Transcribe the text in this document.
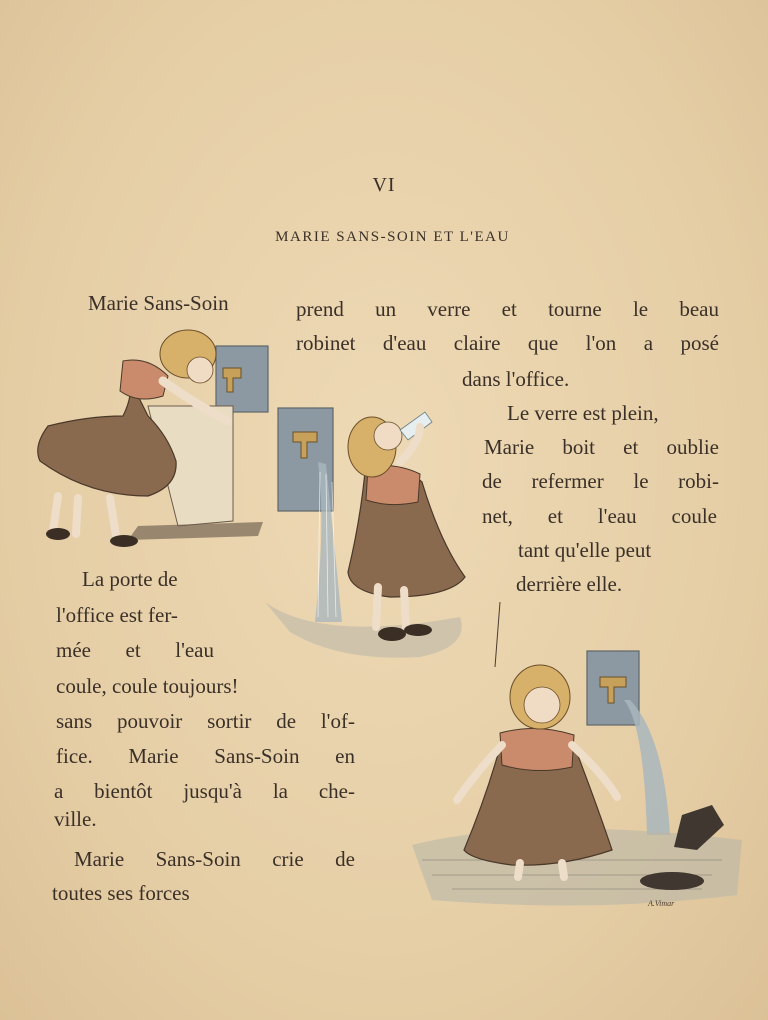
VI
MARIE SANS-SOIN ET L'EAU

Marie Sans-Soin	prend un verre et tourne le beau

robinet d'eau claire que l'on a posé

dans l'office.

Le verre est plein,

Marie boit et oublie

de refermer le robi-

net, et l'eau coule

tant qu'elle peut

derrière elle.

La porte de

l'office est fer-

mée et l'eau

coule, coule toujours!

sans pouvoir sortir de l'of-

fice. Marie Sans-Soin en

a bientôt jusqu'à la che-

ville.

Marie Sans-Soin crie de

toutes ses forces	A.Vimar
